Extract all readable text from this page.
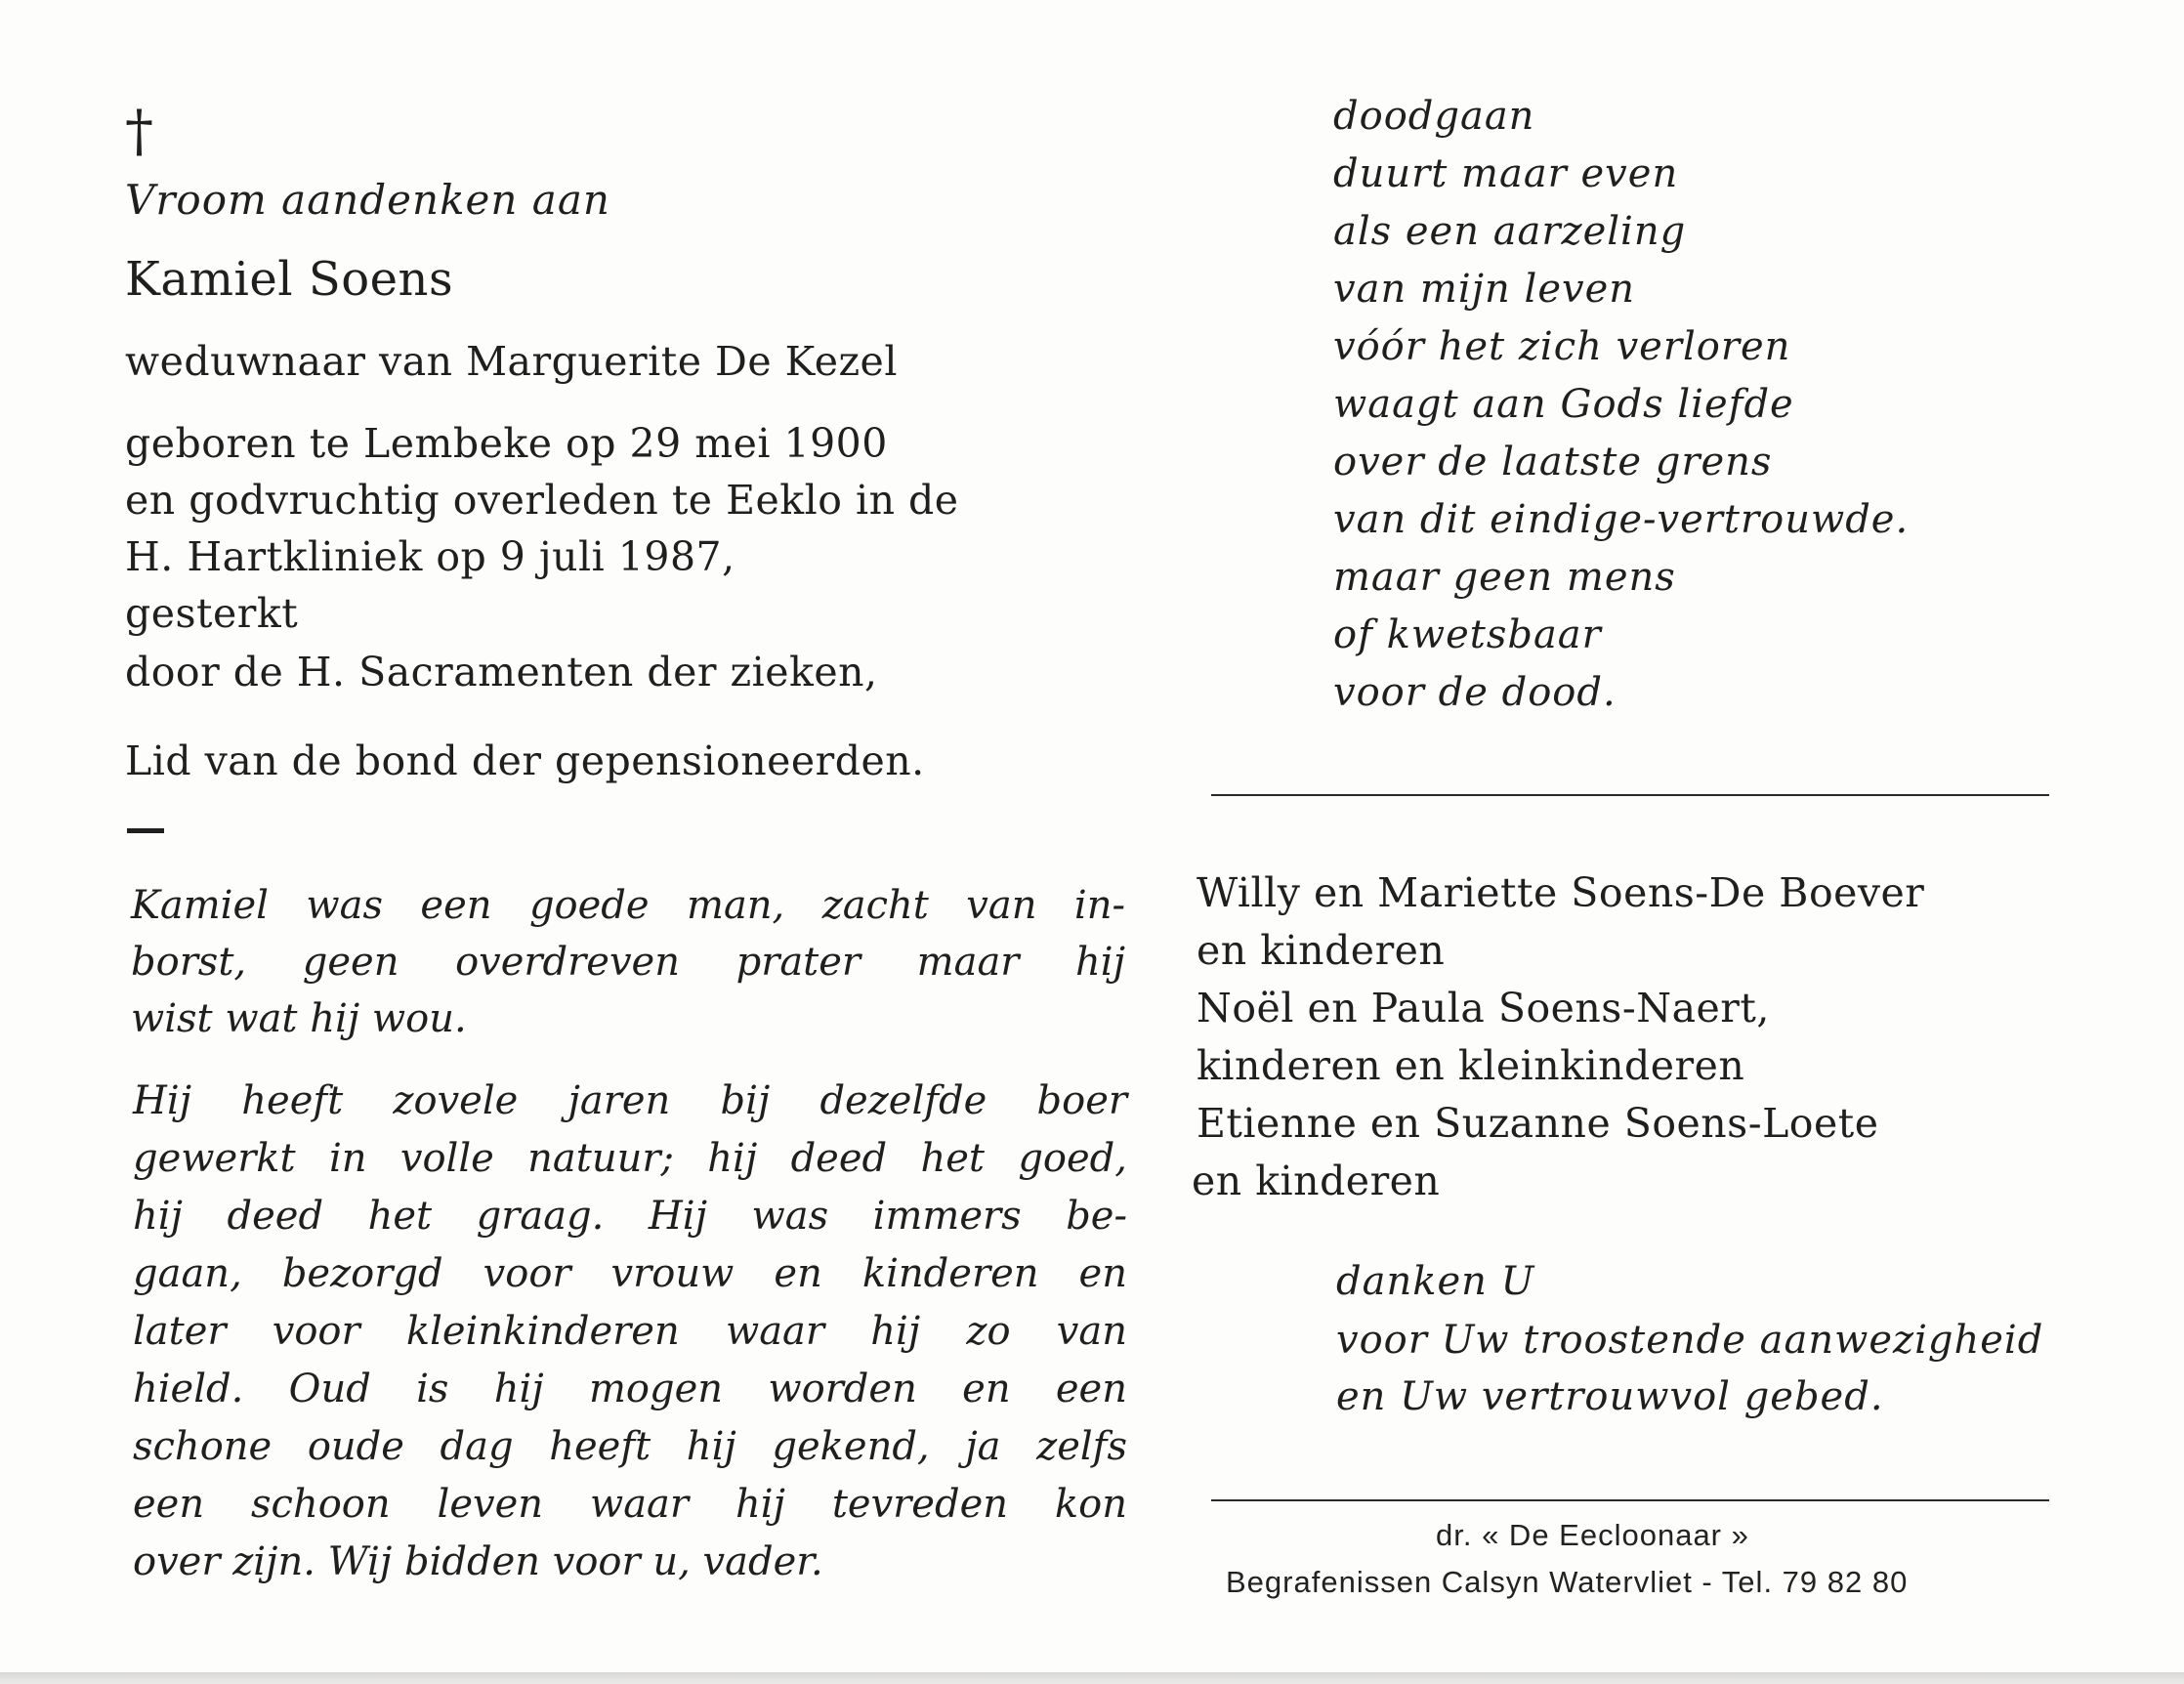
†
Vroom aandenken aan
Kamiel Soens
weduwnaar van Marguerite De Kezel
geboren te Lembeke op 29 mei 1900
en godvruchtig overleden te Eeklo in de
H. Hartkliniek op 9 juli 1987,
gesterkt
door de H. Sacramenten der zieken,
Lid van de bond der gepensioneerden.
Kamiel was een goede man, zacht van in-
borst, geen overdreven prater maar hij
wist wat hij wou.
Hij heeft zovele jaren bij dezelfde boer
gewerkt in volle natuur; hij deed het goed,
hij deed het graag. Hij was immers be-
gaan, bezorgd voor vrouw en kinderen en
later voor kleinkinderen waar hij zo van
hield. Oud is hij mogen worden en een
schone oude dag heeft hij gekend, ja zelfs
een schoon leven waar hij tevreden kon
over zijn. Wij bidden voor u, vader.
doodgaan
duurt maar even
als een aarzeling
van mijn leven
vóór het zich verloren
waagt aan Gods liefde
over de laatste grens
van dit eindige-vertrouwde.
maar geen mens
of kwetsbaar
voor de dood.
Willy en Mariette Soens-De Boever
en kinderen
Noël en Paula Soens-Naert,
kinderen en kleinkinderen
Etienne en Suzanne Soens-Loete
en kinderen
danken U
voor Uw troostende aanwezigheid
en Uw vertrouwvol gebed.
dr. « De Eecloonaar »
Begrafenissen Calsyn Watervliet - Tel. 79 82 80
